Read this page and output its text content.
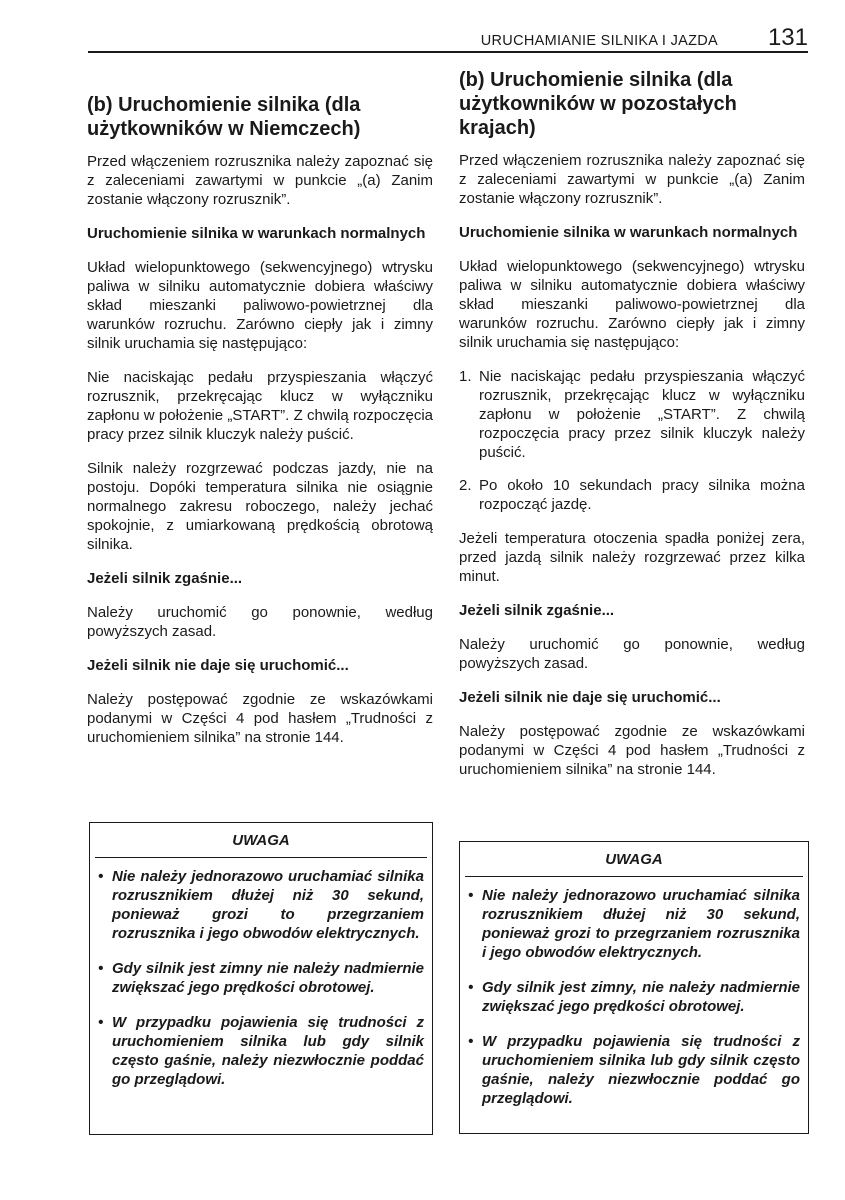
URUCHAMIANIE SILNIKA I JAZDA 131
(b) Uruchomienie silnika (dla użytkowników w Niemczech)

Przed włączeniem rozrusznika należy zapoznać się z zaleceniami zawartymi w punkcie „(a) Zanim zostanie włączony rozrusznik”.

Uruchomienie silnika w warunkach normalnych

Układ wielopunktowego (sekwencyjnego) wtrysku paliwa w silniku automatycznie dobiera właściwy skład mieszanki paliwowo-powietrznej dla warunków rozruchu. Zarówno ciepły jak i zimny silnik uruchamia się następująco:

Nie naciskając pedału przyspieszania włączyć rozrusznik, przekręcając klucz w wyłączniku zapłonu w położenie „START”. Z chwilą rozpoczęcia pracy przez silnik kluczyk należy puścić.

Silnik należy rozgrzewać podczas jazdy, nie na postoju. Dopóki temperatura silnika nie osiągnie normalnego zakresu roboczego, należy jechać spokojnie, z umiarkowaną prędkością obrotową silnika.

Jeżeli silnik zgaśnie...

Należy uruchomić go ponownie, według powyższych zasad.

Jeżeli silnik nie daje się uruchomić...

Należy postępować zgodnie ze wskazówkami podanymi w Części 4 pod hasłem „Trudności z uruchomieniem silnika” na stronie 144.

UWAGA
• Nie należy jednorazowo uruchamiać silnika rozrusznikiem dłużej niż 30 sekund, ponieważ grozi to przegrzaniem rozrusznika i jego obwodów elektrycznych.
• Gdy silnik jest zimny nie należy nadmiernie zwiększać jego prędkości obrotowej.
• W przypadku pojawienia się trudności z uruchomieniem silnika lub gdy silnik często gaśnie, należy niezwłocznie poddać go przeglądowi.
(b) Uruchomienie silnika (dla użytkowników w pozostałych krajach)

Przed włączeniem rozrusznika należy zapoznać się z zaleceniami zawartymi w punkcie „(a) Zanim zostanie włączony rozrusznik”.

Uruchomienie silnika w warunkach normalnych

Układ wielopunktowego (sekwencyjnego) wtrysku paliwa w silniku automatycznie dobiera właściwy skład mieszanki paliwowo-powietrznej dla warunków rozruchu. Zarówno ciepły jak i zimny silnik uruchamia się następująco:

1. Nie naciskając pedału przyspieszania włączyć rozrusznik, przekręcając klucz w wyłączniku zapłonu w położenie „START”. Z chwilą rozpoczęcia pracy przez silnik kluczyk należy puścić.
2. Po około 10 sekundach pracy silnika można rozpocząć jazdę.

Jeżeli temperatura otoczenia spadła poniżej zera, przed jazdą silnik należy rozgrzewać przez kilka minut.

Jeżeli silnik zgaśnie...

Należy uruchomić go ponownie, według powyższych zasad.

Jeżeli silnik nie daje się uruchomić...

Należy postępować zgodnie ze wskazówkami podanymi w Części 4 pod hasłem „Trudności z uruchomieniem silnika” na stronie 144.

UWAGA
• Nie należy jednorazowo uruchamiać silnika rozrusznikiem dłużej niż 30 sekund, ponieważ grozi to przegrzaniem rozrusznika i jego obwodów elektrycznych.
• Gdy silnik jest zimny, nie należy nadmiernie zwiększać jego prędkości obrotowej.
• W przypadku pojawienia się trudności z uruchomieniem silnika lub gdy silnik często gaśnie, należy niezwłocznie poddać go przeglądowi.
